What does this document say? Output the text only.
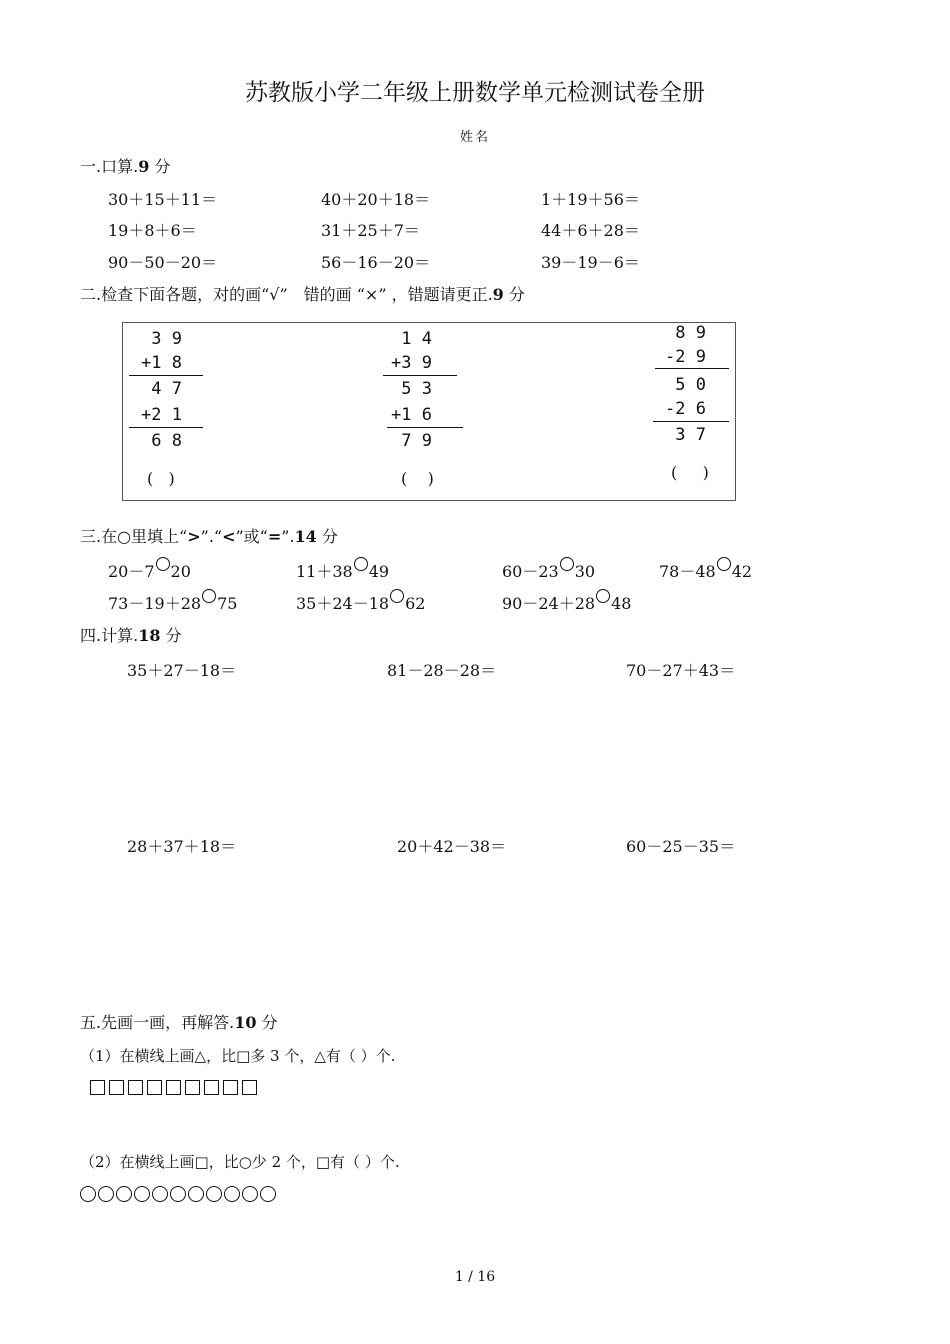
苏教版小学二年级上册数学单元检测试卷全册
姓名
一.口算.9 分
30＋15＋11＝	40＋20＋18＝	1＋19＋56＝
19＋8＋6＝	31＋25＋7＝	44＋6＋28＝
90－50－20＝	56－16－20＝	39－19－6＝
二.检查下面各题，对的画“√”　错的画 “×” ，错题请更正.9 分
3 9
+1 8
4 7
+2 1
6 8
(   )
1 4
+3 9
5 3
+1 6
7 9
(    )
8 9
-2 9
5 0
-2 6
3 7
(     )
三.在○里填上“>”.“<”或“=”.14 分
20－7 20	11＋38 49	60－23 30	78－48 42
73－19＋28 75	35＋24－18 62	90－24＋28 48
四.计算.18 分
35＋27－18＝	81－28－28＝	70－27＋43＝
28＋37＋18＝	20＋42－38＝	60－25－35＝
五.先画一画，再解答.10 分
（1）在横线上画△，比□多 3 个，△有（ ）个.
（2）在横线上画□，比○少 2 个，□有（ ）个.
1 / 16
